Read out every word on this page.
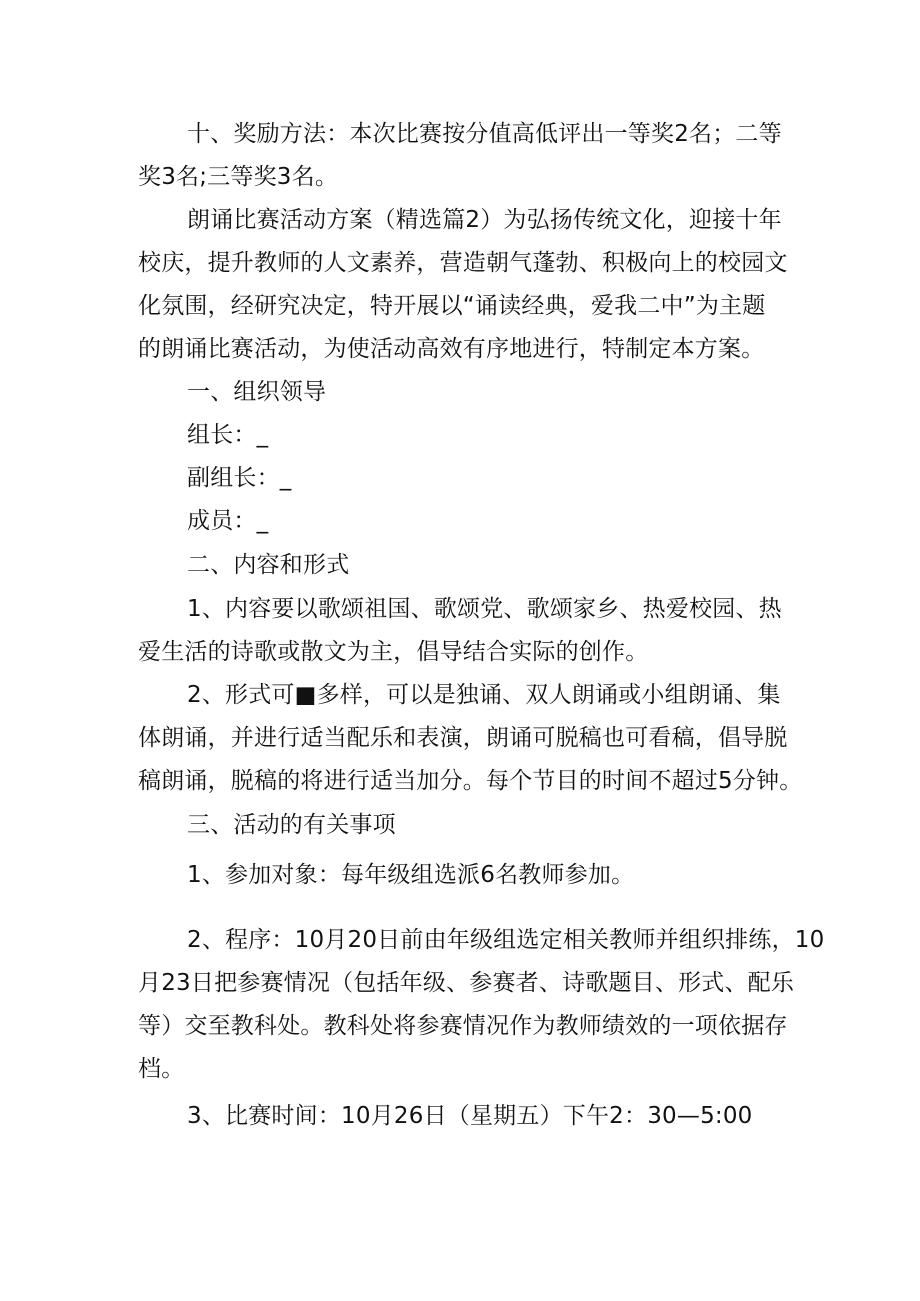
十、奖励方法：本次比赛按分值高低评出一等奖2名；二等
奖3名;三等奖3名。
朗诵比赛活动方案（精选篇2）为弘扬传统文化，迎接十年
校庆，提升教师的人文素养，营造朝气蓬勃、积极向上的校园文
化氛围，经研究决定，特开展以“诵读经典，爱我二中”为主题
的朗诵比赛活动，为使活动高效有序地进行，特制定本方案。
一、组织领导
组长：_
副组长：_
成员：_
二、内容和形式
1、内容要以歌颂祖国、歌颂党、歌颂家乡、热爱校园、热
爱生活的诗歌或散文为主，倡导结合实际的创作。
2、形式可■多样，可以是独诵、双人朗诵或小组朗诵、集
体朗诵，并进行适当配乐和表演，朗诵可脱稿也可看稿，倡导脱
稿朗诵，脱稿的将进行适当加分。每个节目的时间不超过5分钟。
三、活动的有关事项
1、参加对象：每年级组选派6名教师参加。
2、程序：10月20日前由年级组选定相关教师并组织排练，10
月23日把参赛情况（包括年级、参赛者、诗歌题目、形式、配乐
等）交至教科处。教科处将参赛情况作为教师绩效的一项依据存
档。
3、比赛时间：10月26日（星期五）下午2：30—5:00
